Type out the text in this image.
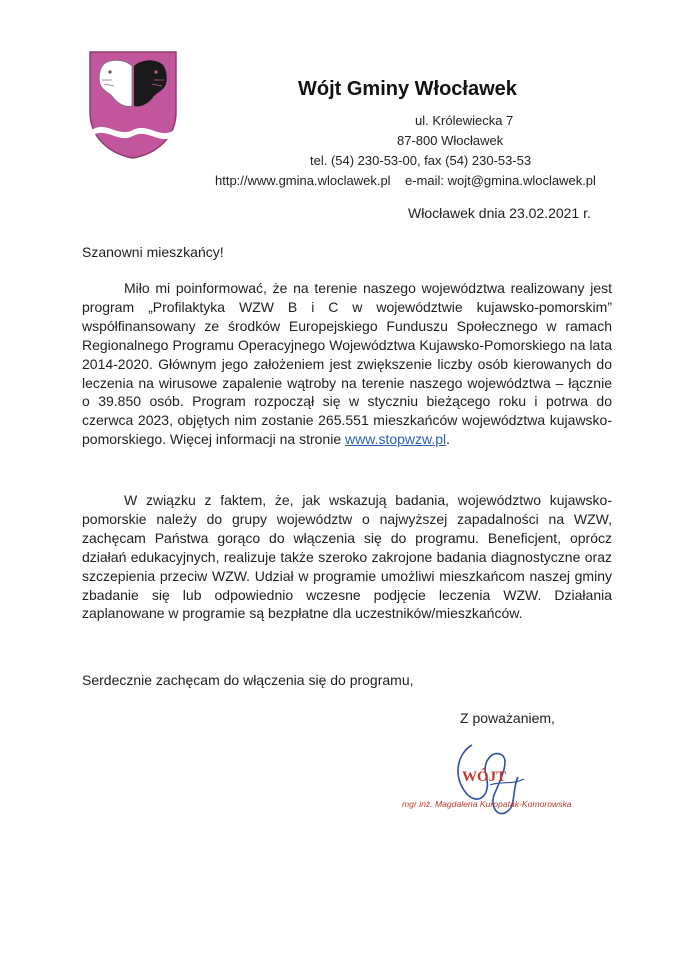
Wójt Gminy Włocławek
ul. Królewiecka 7
87-800 Włocławek
tel. (54) 230-53-00, fax (54) 230-53-53
http://www.gmina.wloclawek.pl e-mail: wojt@gmina.wloclawek.pl
Włocławek dnia 23.02.2021 r.
Szanowni mieszkańcy!

Miło mi poinformować, że na terenie naszego województwa realizowany jest program „Profilaktyka WZW B i C w województwie kujawsko-pomorskim” współfinansowany ze środków Europejskiego Funduszu Społecznego w ramach Regionalnego Programu Operacyjnego Województwa Kujawsko-Pomorskiego na lata 2014-2020. Głównym jego założeniem jest zwiększenie liczby osób kierowanych do leczenia na wirusowe zapalenie wątroby na terenie naszego województwa – łącznie o 39.850 osób. Program rozpoczął się w styczniu bieżącego roku i potrwa do czerwca 2023, objętych nim zostanie 265.551 mieszkańców województwa kujawsko-pomorskiego. Więcej informacji na stronie www.stopwzw.pl.

W związku z faktem, że, jak wskazują badania, województwo kujawsko-pomorskie należy do grupy województw o najwyższej zapadalności na WZW, zachęcam Państwa gorąco do włączenia się do programu. Beneficjent, oprócz działań edukacyjnych, realizuje także szeroko zakrojone badania diagnostyczne oraz szczepienia przeciw WZW. Udział w programie umożliwi mieszkańcom naszej gminy zbadanie się lub odpowiednio wczesne podjęcie leczenia WZW. Działania zaplanowane w programie są bezpłatne dla uczestników/mieszkańców.

Serdecznie zachęcam do włączenia się do programu,
Z poważaniem,
WÓJT
mgr inż. Magdalena Kuropatak-Komorowska
